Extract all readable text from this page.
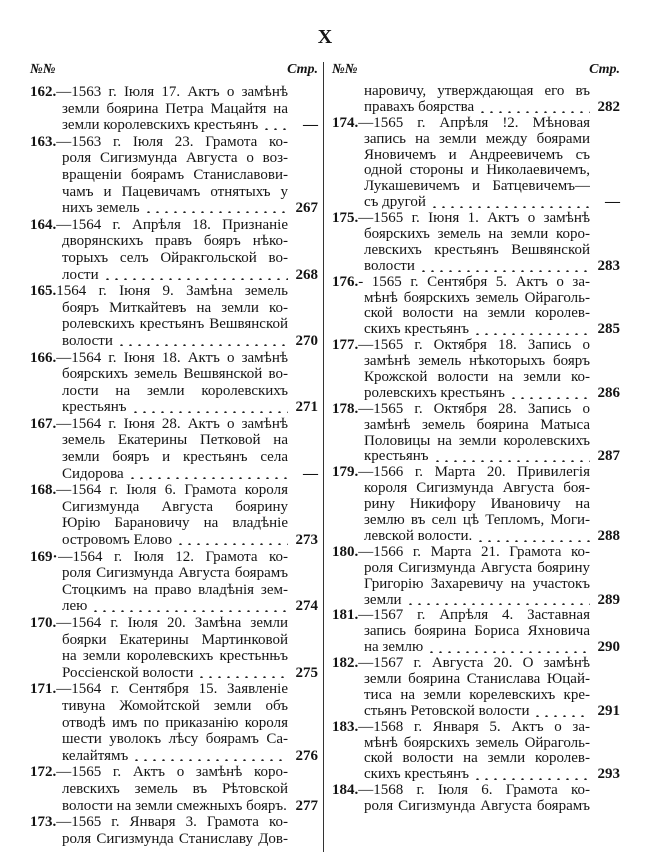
X
№№	Стр.
162. —1563 г. Іюля 17. Актъ о замѣнѣ
земли боярина Петра Мацайтя на
земли королевскихъ крестьянъ	—
163. —1563 г. Іюля 23. Грамота ко-
роля Сигизмунда Августа о воз-
вращеніи боярамъ Станиславови-
чамъ и Пацевичамъ отнятыхъ у
нихъ земель	267
164. —1564 г. Апрѣля 18. Признаніе
дворянскихъ правъ бояръ нѣко-
торыхъ селъ Ойракгольской во-
лости	268
165. 1564 г. Іюня 9. Замѣна земель
бояръ Миткайтевъ на земли ко-
ролевскихъ крестьянъ Вешвянской
волости	270
166. —1564 г. Іюня 18. Актъ о замѣнѣ
боярскихъ земель Вешвянской во-
лости на земли королевскихъ
крестьянъ	271
167. —1564 г. Іюня 28. Актъ о замѣнѣ
земель Екатерины Петковой на
земли бояръ и крестьянъ села
Сидорова	—
168. —1564 г. Іюля 6. Грамота короля
Сигизмунда Августа боярину
Юрію Барановичу на владѣніе
островомъ Елово	273
169· —1564 г. Іюля 12. Грамота ко-
роля Сигизмунда Августа боярамъ
Стоцкимъ на право владѣнія зем-
лею	274
170. —1564 г. Іюля 20. Замѣна земли
боярки Екатерины Мартинковой
на земли королевскихъ крестьнњъ
Россіенской волости	275
171. —1564 г. Сентября 15. Заявленіе
тивуна Жомойтской земли объ
отводѣ имъ по приказанію короля
шести уволокъ лѣсу боярамъ Са-
келайтямъ	276
172. —1565 г. Актъ о замѣнѣ коро-
левскихъ земель въ Рѣтовской
волости на земли смежныхъ бояръ. 277
173. —1565 г. Января 3. Грамота ко-
роля Сигизмунда Станиславу Дов-
№№	Стр.
наровичу, утверждающая его въ
правахъ боярства	282
174. —1565 г. Апрѣля !2. Мѣновая
запись на земли между боярами
Яновичемъ и Андреевичемъ съ
одной стороны и Николаевичемъ,
Лукашевичемъ и Батцевичемъ—
съ другой	—
175. —1565 г. Іюня 1. Актъ о замѣнѣ
боярскихъ земель на земли коро-
левскихъ крестьянъ Вешвянской
волости	283
176. - 1565 г. Сентября 5. Актъ о за-
мѣнѣ боярскихъ земель Ойраголь-
ской волости на земли королев-
скихъ крестьянъ	285
177. —1565 г. Октября 18. Запись о
замѣнѣ земель нѣкоторыхъ бояръ
Крожской волости на земли ко-
ролевскихъ крестьянъ	286
178. —1565 г. Октября 28. Запись о
замѣнѣ земель боярина Матыса
Половицы на земли королевскихъ
крестьянъ	287
179. —1566 г. Марта 20. Привилегія
короля Сигизмунда Августа боя-
рину Никифору Ивановичу на
землю въ селı цѣ Тепломъ, Моги-
левской волости.	288
180. —1566 г. Марта 21. Грамота ко-
роля Сигизмунда Августа боярину
Григорію Захаревичу на участокъ
земли	289
181. —1567 г. Апрѣля 4. Заставная
запись боярина Бориса Яхновича
на землю	290
182. —1567 г. Августа 20. О замѣнѣ
земли боярина Станислава Юцай-
тиса на земли корелевскихъ кре-
стьянъ Ретовской волости	291
183. —1568 г. Января 5. Актъ о за-
мѣнѣ боярскихъ земель Ойраголь-
ской волости на земли королев-
скихъ крестьянъ	293
184. —1568 г. Іюля 6. Грамота ко-
роля Сигизмунда Августа боярамъ
